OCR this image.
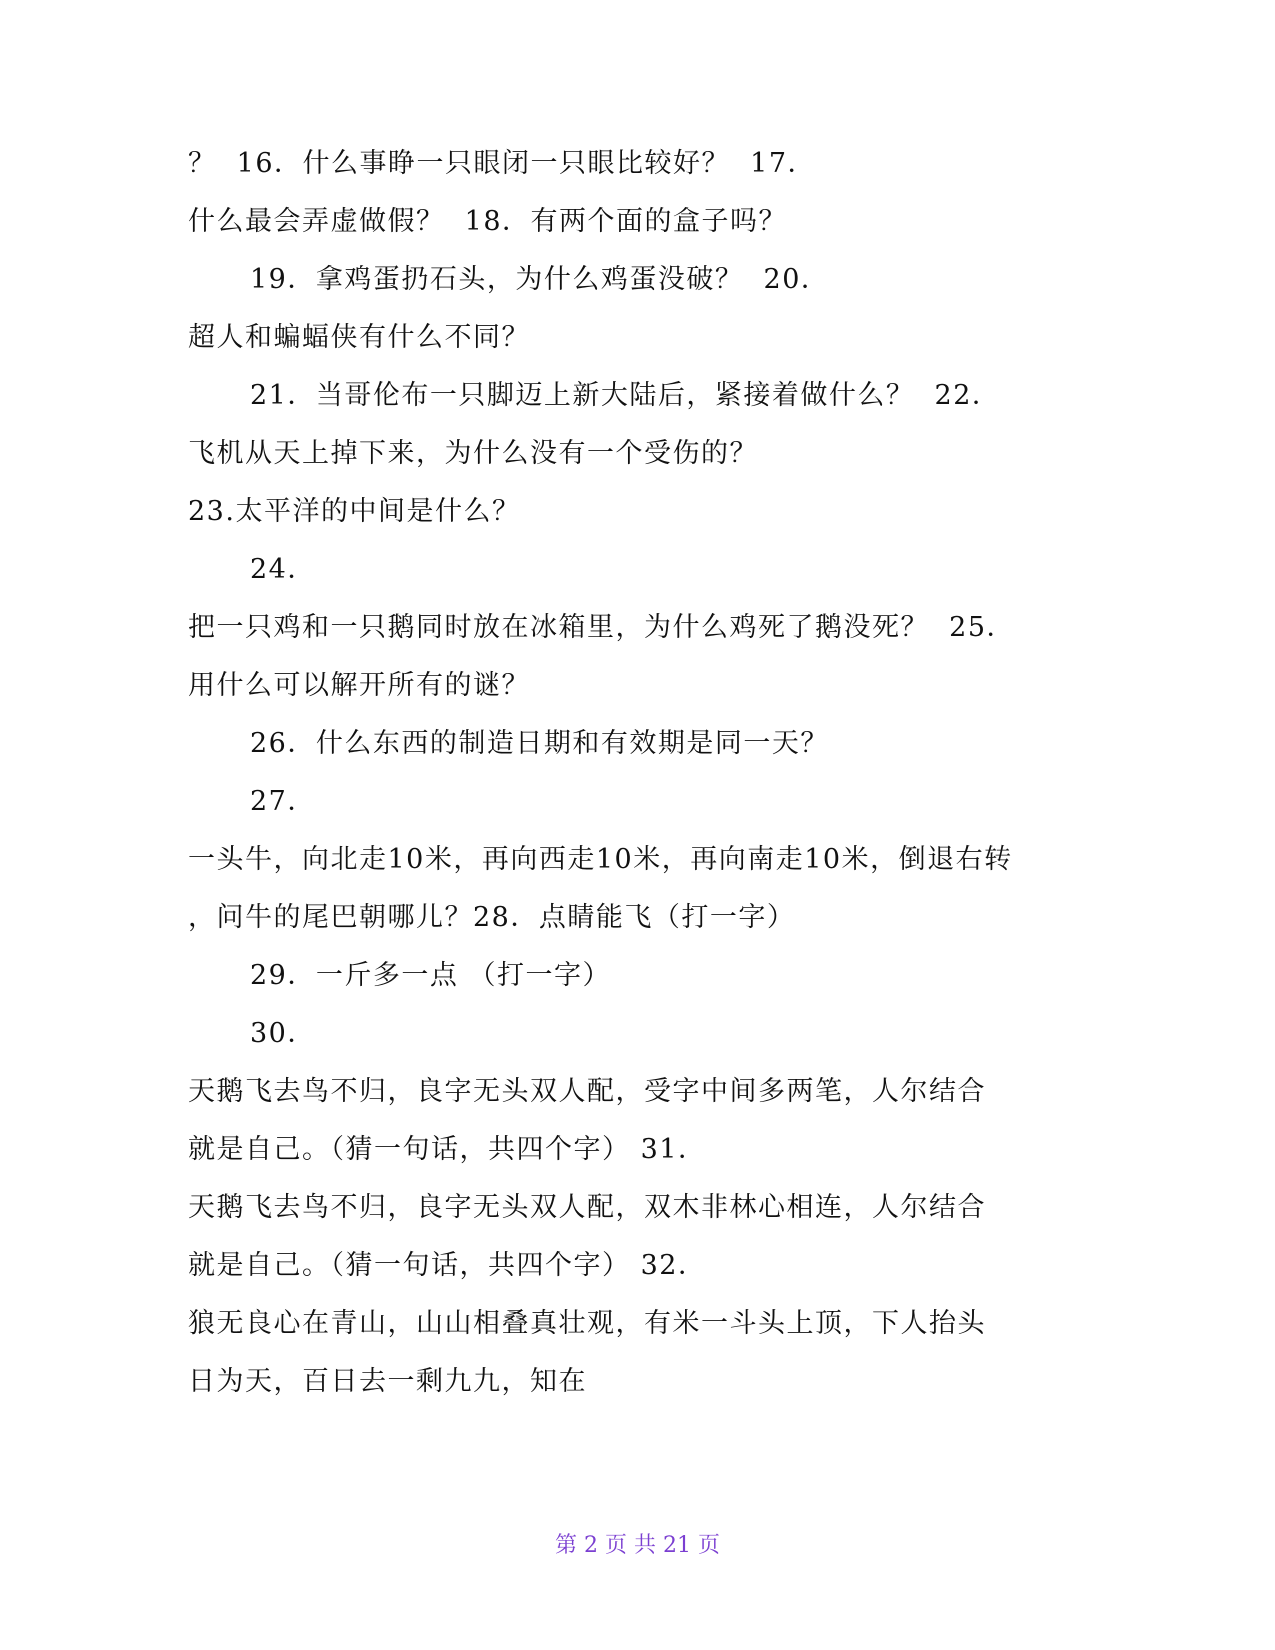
？  16．什么事睁一只眼闭一只眼比较好？  17．
什么最会弄虚做假？  18．有两个面的盒子吗？
19．拿鸡蛋扔石头，为什么鸡蛋没破？  20．
超人和蝙蝠侠有什么不同？
21．当哥伦布一只脚迈上新大陆后，紧接着做什么？  22．
飞机从天上掉下来，为什么没有一个受伤的？
23.太平洋的中间是什么？
24．
把一只鸡和一只鹅同时放在冰箱里，为什么鸡死了鹅没死？  25．
用什么可以解开所有的谜？
26．什么东西的制造日期和有效期是同一天？
27．
一头牛，向北走10米，再向西走10米，再向南走10米，倒退右转
，问牛的尾巴朝哪儿？28．点睛能飞（打一字）
29．一斤多一点 （打一字）
30．
天鹅飞去鸟不归，良字无头双人配，受字中间多两笔，人尔结合
就是自己。（猜一句话，共四个字） 31．
天鹅飞去鸟不归，良字无头双人配，双木非林心相连，人尔结合
就是自己。（猜一句话，共四个字） 32．
狼无良心在青山，山山相叠真壮观，有米一斗头上顶，下人抬头
日为天，百日去一剩九九，知在
第 2 页 共 21 页
